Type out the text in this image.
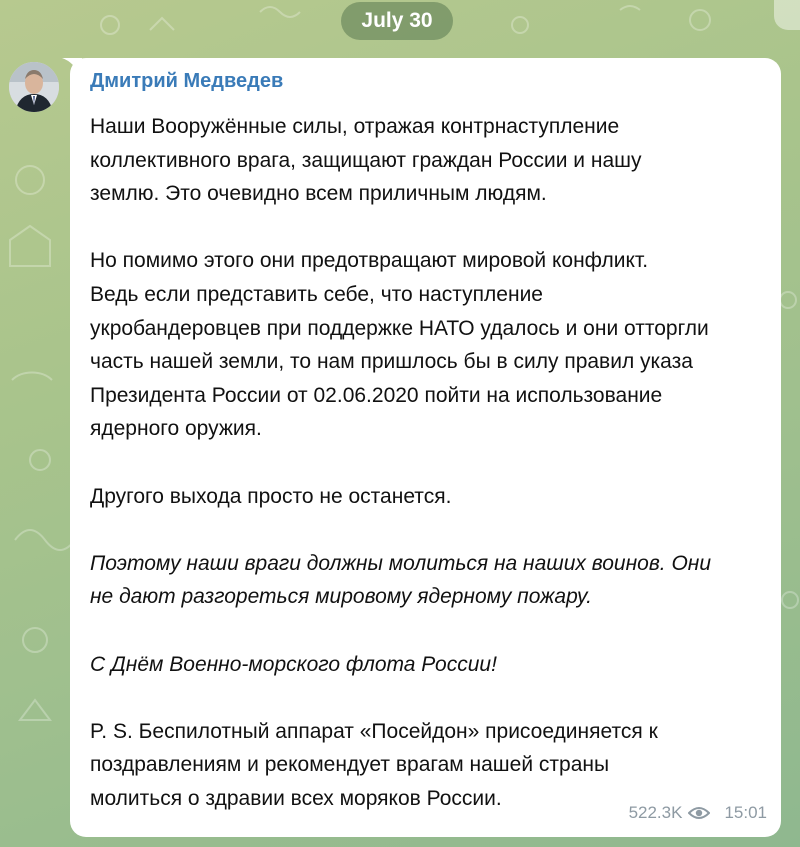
July 30
Дмитрий Медведев

Наши Вооружённые силы, отражая контрнаступление
коллективного врага, защищают граждан России и нашу
землю. Это очевидно всем приличным людям.

Но помимо этого они предотвращают мировой конфликт.
Ведь если представить себе, что наступление
укробандеровцев при поддержке НАТО удалось и они отторгли
часть нашей земли, то нам пришлось бы в силу правил указа
Президента России от 02.06.2020 пойти на использование
ядерного оружия.

Другого выхода просто не останется.

Поэтому наши враги должны молиться на наших воинов. Они
не дают разгореться мировому ядерному пожару.

С Днём Военно-морского флота России!

P. S. Беспилотный аппарат «Посейдон» присоединяется к
поздравлениям и рекомендует врагам нашей страны
молиться о здравии всех моряков России.

522.3K 15:01
